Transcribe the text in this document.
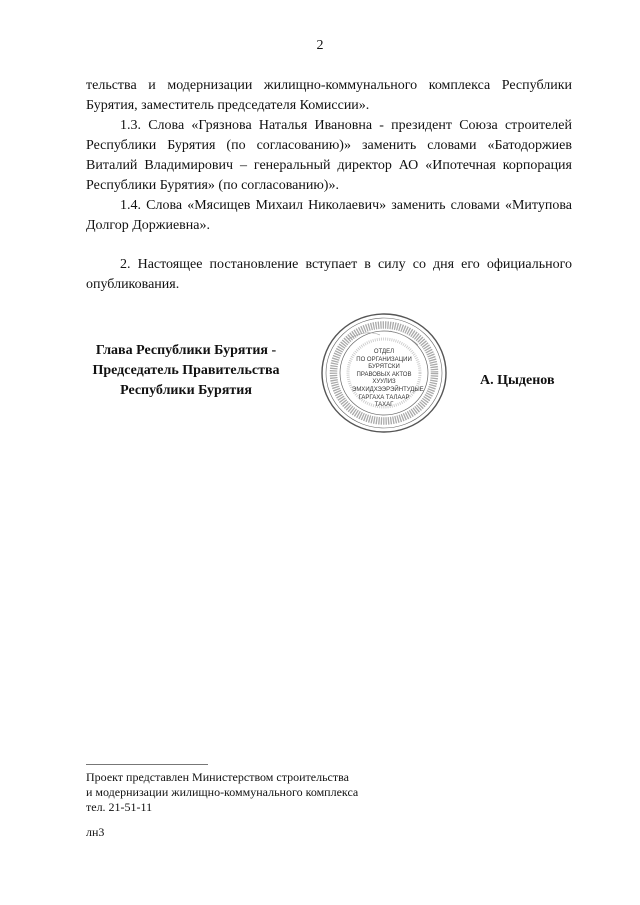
2

тельства и модернизации жилищно-коммунального комплекса Республики Бурятия, заместитель председателя Комиссии».

1.3. Слова «Грязнова Наталья Ивановна - президент Союза строителей Республики Бурятия (по согласованию)» заменить словами «Батодоржиев Виталий Владимирович – генеральный директор АО «Ипотечная корпорация Республики Бурятия» (по согласованию)».

1.4. Слова «Мясищев Михаил Николаевич» заменить словами «Митупова Долгор Доржиевна».

2. Настоящее постановление вступает в силу со дня его официального опубликования.

Глава Республики Бурятия -
Председатель Правительства
Республики Бурятия
ОТДЕЛ
ПО ОРГАНИЗАЦИИ
БУРЯТСКИ
ПРАВОВЫХ АКТОВ
ХУУЛИЗ
ЭМХИДХЭЭРЭЙНТУДЫЕ
ГАРГАХА ТАЛААР
ТАХАГ
А. Цыденов
Проект представлен Министерством строительства
и модернизации жилищно-коммунального комплекса
тел. 21-51-11
лн3
